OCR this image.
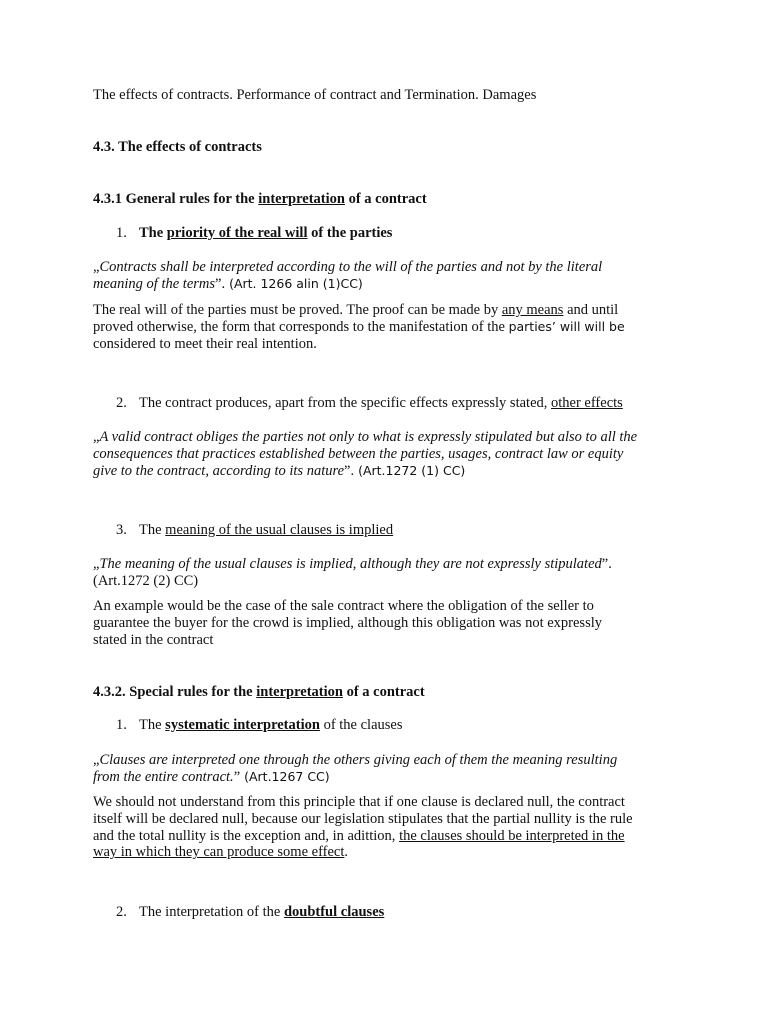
The effects of contracts. Performance of contract and Termination. Damages
4.3. The effects of contracts
4.3.1 General rules for the interpretation of a contract
1. The priority of the real will of the parties
„Contracts shall be interpreted according to the will of the parties and not by the literal
meaning of the terms”. (Art. 1266 alin (1)CC)
The real will of the parties must be proved. The proof can be made by any means and until
proved otherwise, the form that corresponds to the manifestation of the parties’ will will be
considered to meet their real intention.
2. The contract produces, apart from the specific effects expressly stated, other effects
„A valid contract obliges the parties not only to what is expressly stipulated but also to all the
consequences that practices established between the parties, usages, contract law or equity
give to the contract, according to its nature”. (Art.1272 (1) CC)
3. The meaning of the usual clauses is implied
„The meaning of the usual clauses is implied, although they are not expressly stipulated”.
(Art.1272 (2) CC)
An example would be the case of the sale contract where the obligation of the seller to
guarantee the buyer for the crowd is implied, although this obligation was not expressly
stated in the contract
4.3.2. Special rules for the interpretation of a contract
1. The systematic interpretation of the clauses
„Clauses are interpreted one through the others giving each of them the meaning resulting
from the entire contract.” (Art.1267 CC)
We should not understand from this principle that if one clause is declared null, the contract
itself will be declared null, because our legislation stipulates that the partial nullity is the rule
and the total nullity is the exception and, in adittion, the clauses should be interpreted in the
way in which they can produce some effect.
2. The interpretation of the doubtful clauses
